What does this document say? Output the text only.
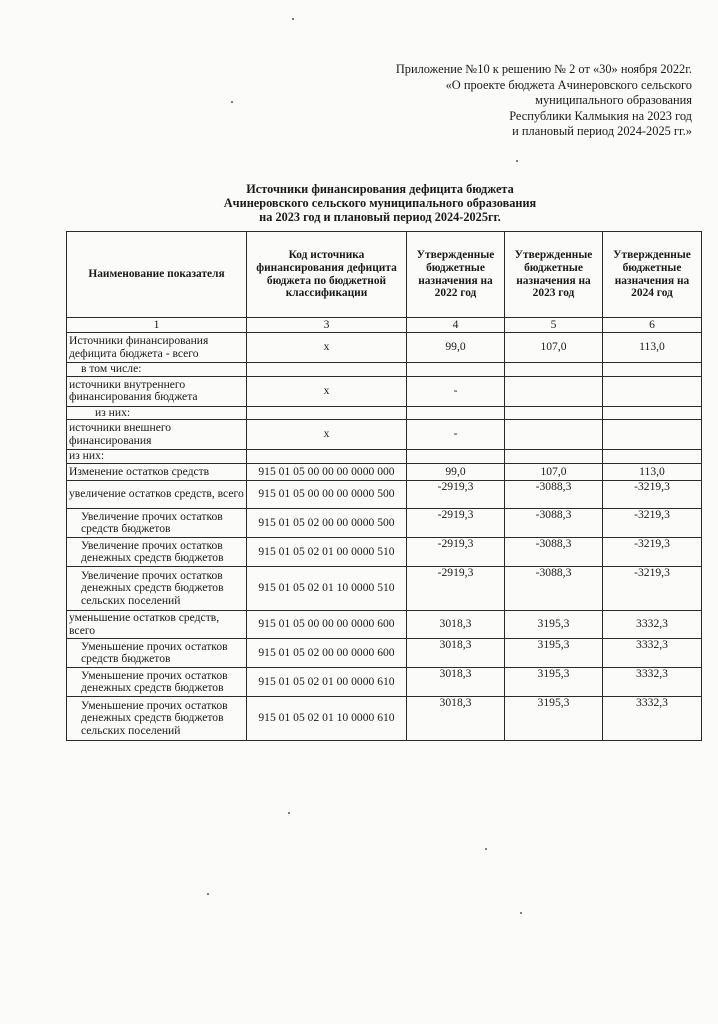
Приложение №10 к решению № 2 от «30» ноября 2022г.
«О проекте бюджета Ачинеровского сельского
муниципального образования
Республики Калмыкия на 2023 год
и плановый период 2024-2025 гг.»
Источники финансирования дефицита бюджета
Ачинеровского сельского муниципального образования
на 2023 год и плановый период 2024-2025гг.
Наименование показателя	Код источника финансирования дефицита бюджета по бюджетной классификации	Утвержденные бюджетные назначения на 2022 год	Утвержденные бюджетные назначения на 2023 год	Утвержденные бюджетные назначения на 2024 год
1	3	4	5	6
Источники финансирования дефицита бюджета - всего	x	99,0	107,0	113,0
в том числе:				
источники внутреннего финансирования бюджета	x	-		
из них:				
источники внешнего финансирования	x	-		
из них:				
Изменение остатков средств	915 01 05 00 00 00 0000 000	99,0	107,0	113,0
увеличение остатков средств, всего	915 01 05 00 00 00 0000 500	-2919,3	-3088,3	-3219,3
Увеличение прочих остатков средств бюджетов	915 01 05 02 00 00 0000 500	-2919,3	-3088,3	-3219,3
Увеличение прочих остатков денежных средств бюджетов	915 01 05 02 01 00 0000 510	-2919,3	-3088,3	-3219,3
Увеличение прочих остатков денежных средств бюджетов сельских поселений	915 01 05 02 01 10 0000 510	-2919,3	-3088,3	-3219,3
уменьшение остатков средств, всего	915 01 05 00 00 00 0000 600	3018,3	3195,3	3332,3
Уменьшение прочих остатков средств бюджетов	915 01 05 02 00 00 0000 600	3018,3	3195,3	3332,3
Уменьшение прочих остатков денежных средств бюджетов	915 01 05 02 01 00 0000 610	3018,3	3195,3	3332,3
Уменьшение прочих остатков денежных средств бюджетов сельских поселений	915 01 05 02 01 10 0000 610	3018,3	3195,3	3332,3
